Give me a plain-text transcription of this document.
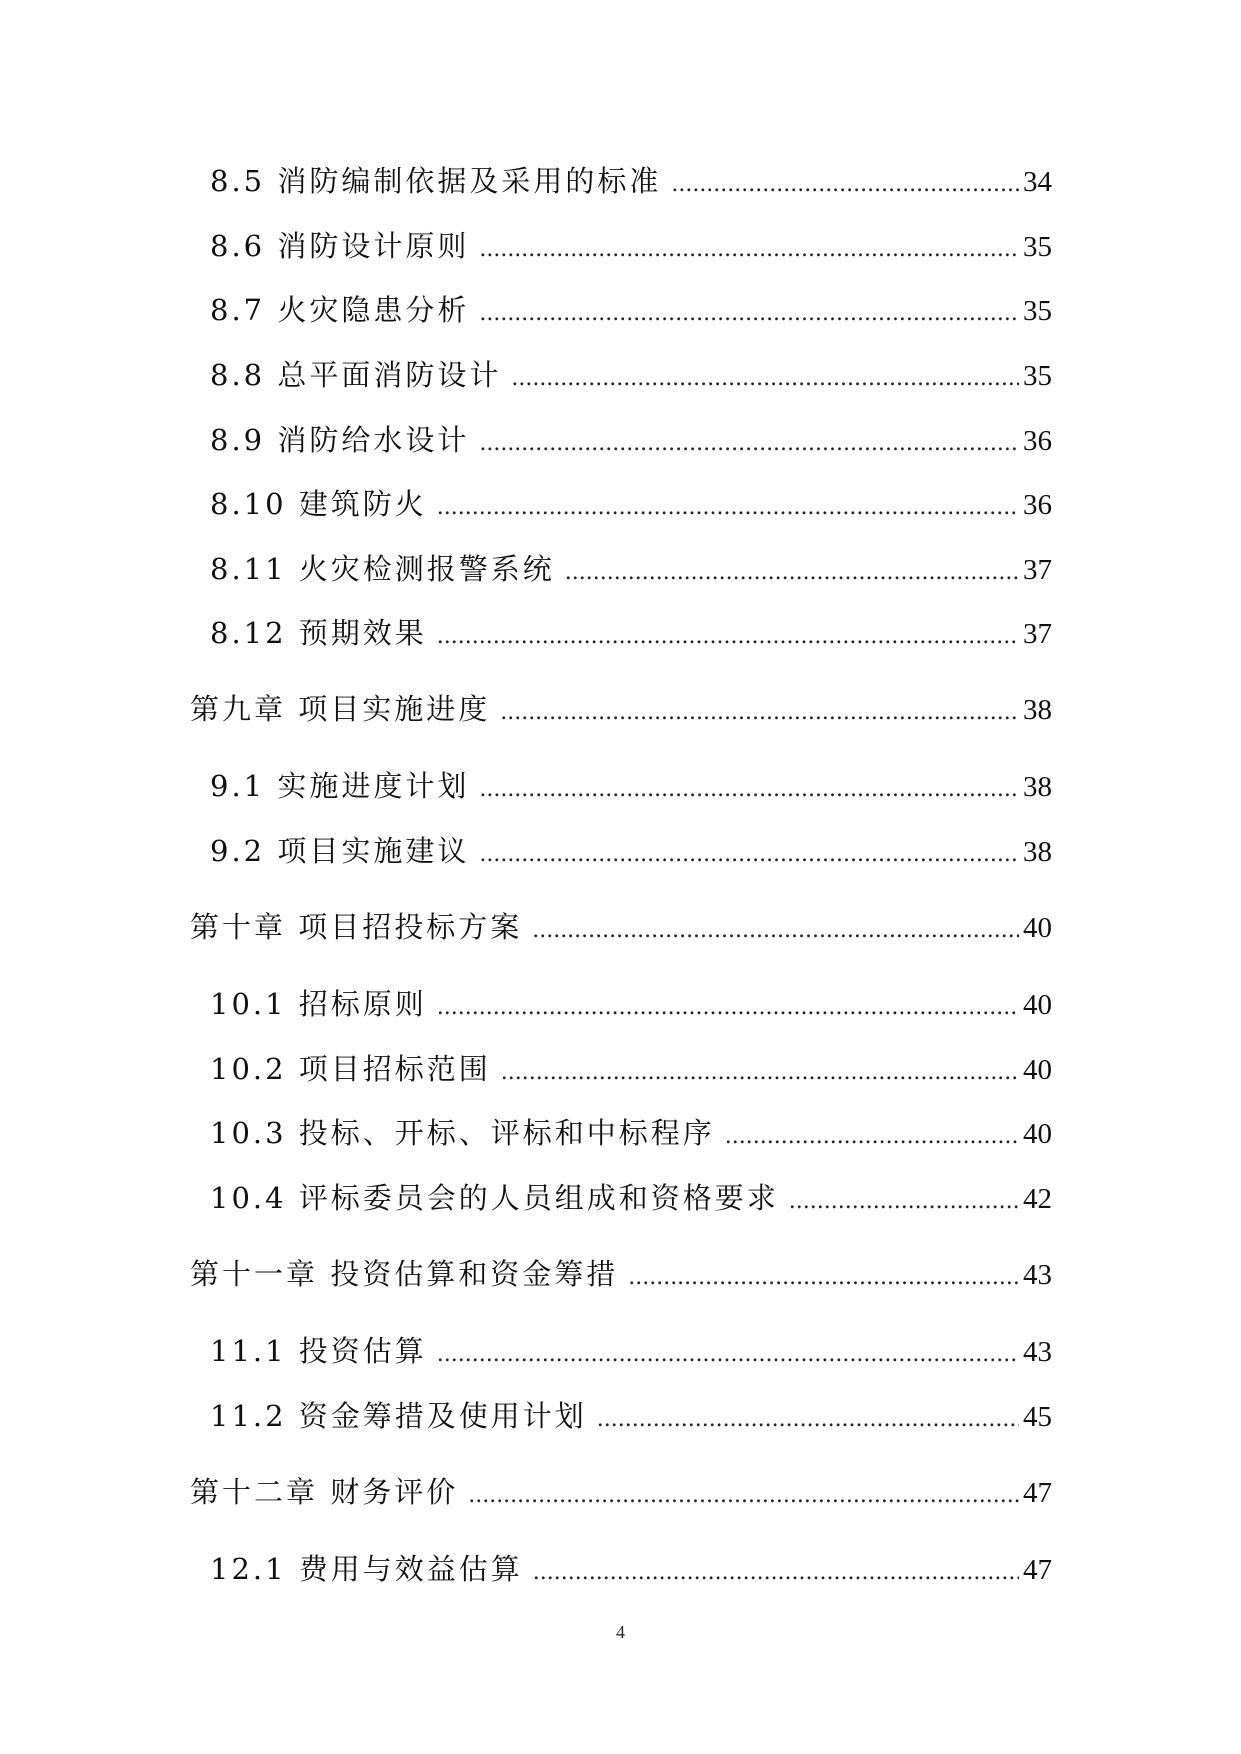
8.5 消防编制依据及采用的标准 .....	34
8.6 消防设计原则 .....	35
8.7 火灾隐患分析 .....	35
8.8 总平面消防设计 .....	35
8.9 消防给水设计 .....	36
8.10 建筑防火 .....	36
8.11 火灾检测报警系统 .....	37
8.12 预期效果 .....	37
第九章 项目实施进度 .....	38
9.1 实施进度计划 .....	38
9.2 项目实施建议 .....	38
第十章 项目招投标方案 .....	40
10.1 招标原则 .....	40
10.2 项目招标范围 .....	40
10.3 投标、开标、评标和中标程序 .....	40
10.4 评标委员会的人员组成和资格要求 .....	42
第十一章 投资估算和资金筹措 .....	43
11.1 投资估算 .....	43
11.2 资金筹措及使用计划 .....	45
第十二章 财务评价 .....	47
12.1 费用与效益估算 .....	47
4
